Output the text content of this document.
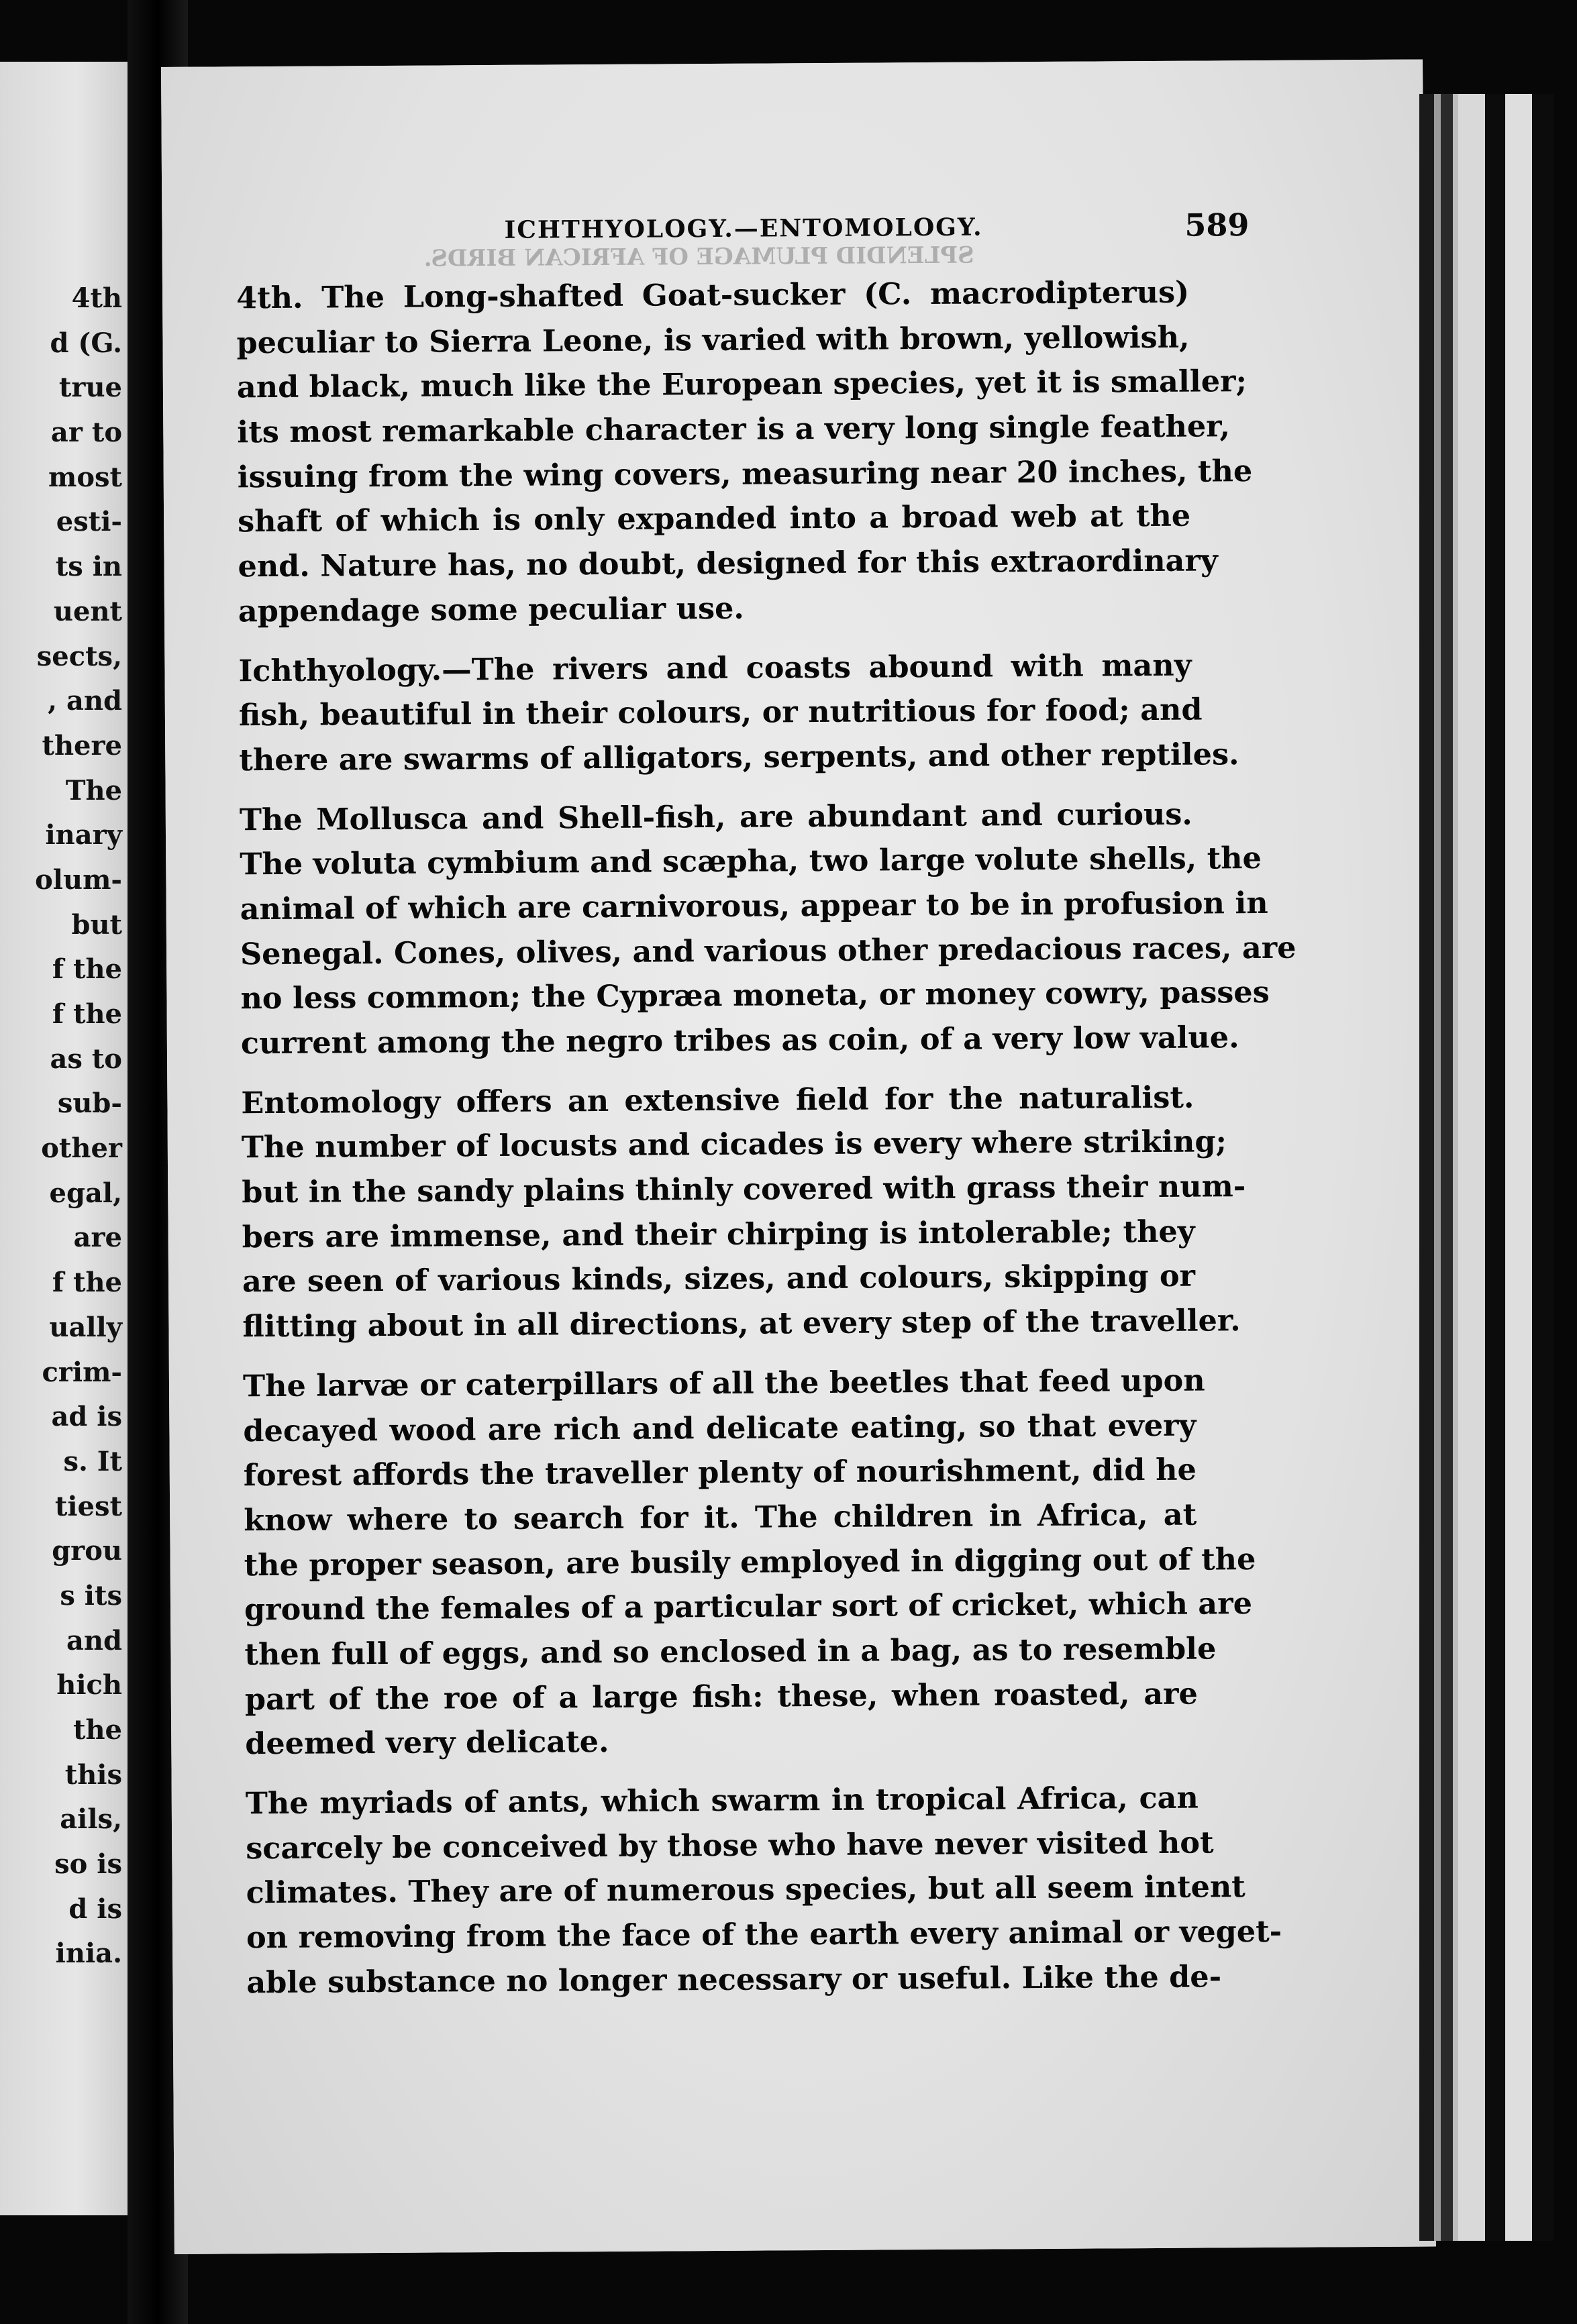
4th
d (G.
true
ar to
most
esti-
ts in
uent
sects,
, and
there
The
inary
olum-
but
f the
f the
as to
sub-
other
egal,
are
f the
ually
crim-
ad is
s. It
tiest
grou
s its
and
hich
the
this
ails,
so is
d is
inia.
SPLENDID PLUMAGE OF AFRICAN BIRDS.
ICHTHYOLOGY.—ENTOMOLOGY.	589
4th. The Long-shafted Goat-sucker (C. macrodipterus)
peculiar to Sierra Leone, is varied with brown, yellowish,
and black, much like the European species, yet it is smaller;
its most remarkable character is a very long single feather,
issuing from the wing covers, measuring near 20 inches, the
shaft of which is only expanded into a broad web at the
end. Nature has, no doubt, designed for this extraordinary
appendage some peculiar use.
Ichthyology.—The rivers and coasts abound with many
fish, beautiful in their colours, or nutritious for food; and
there are swarms of alligators, serpents, and other reptiles.
The Mollusca and Shell-fish, are abundant and curious.
The voluta cymbium and scæpha, two large volute shells, the
animal of which are carnivorous, appear to be in profusion in
Senegal. Cones, olives, and various other predacious races, are
no less common; the Cypræa moneta, or money cowry, passes
current among the negro tribes as coin, of a very low value.
Entomology offers an extensive field for the naturalist.
The number of locusts and cicades is every where striking;
but in the sandy plains thinly covered with grass their num-
bers are immense, and their chirping is intolerable; they
are seen of various kinds, sizes, and colours, skipping or
flitting about in all directions, at every step of the traveller.
The larvæ or caterpillars of all the beetles that feed upon
decayed wood are rich and delicate eating, so that every
forest affords the traveller plenty of nourishment, did he
know where to search for it. The children in Africa, at
the proper season, are busily employed in digging out of the
ground the females of a particular sort of cricket, which are
then full of eggs, and so enclosed in a bag, as to resemble
part of the roe of a large fish: these, when roasted, are
deemed very delicate.
The myriads of ants, which swarm in tropical Africa, can
scarcely be conceived by those who have never visited hot
climates. They are of numerous species, but all seem intent
on removing from the face of the earth every animal or veget-
able substance no longer necessary or useful. Like the de-
